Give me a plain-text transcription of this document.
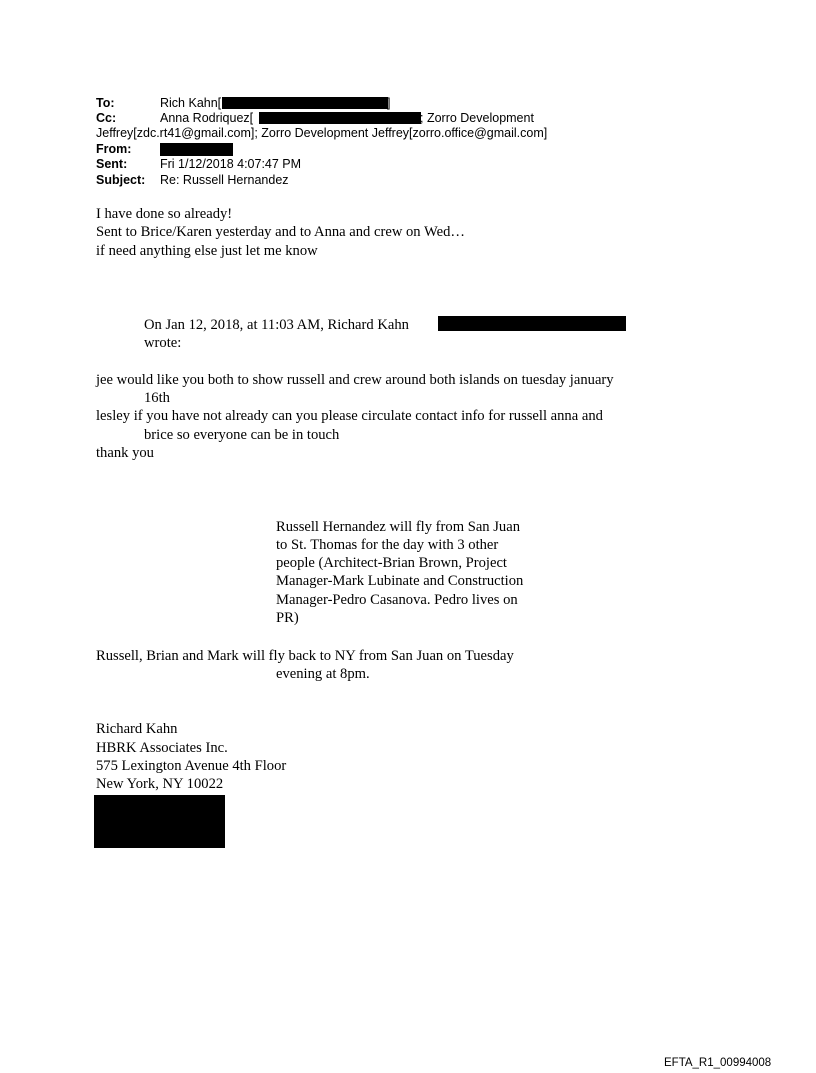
To:	Rich Kahn[	]
Cc:	Anna Rodriquez[	; Zorro Development
Jeffrey[zdc.rt41@gmail.com]; Zorro Development Jeffrey[zorro.office@gmail.com]
From:
Sent:	Fri 1/12/2018 4:07:47 PM
Subject: Re: Russell Hernandez
I have done so already!
Sent to Brice/Karen yesterday and to Anna and crew on Wed…
if need anything else just let me know
On Jan 12, 2018, at 11:03 AM, Richard Kahn
wrote:
jee would like you both to show russell and crew around both islands on tuesday january
16th
lesley if you have not already can you please circulate contact info for russell anna and
brice so everyone can be in touch
thank you
Russell Hernandez will fly from San Juan
to St. Thomas for the day with 3 other
people (Architect-Brian Brown, Project
Manager-Mark Lubinate and Construction
Manager-Pedro Casanova. Pedro lives on
PR)
Russell, Brian and Mark will fly back to NY from San Juan on Tuesday
evening at 8pm.
Richard Kahn
HBRK Associates Inc.
575 Lexington Avenue 4th Floor
New York, NY 10022
EFTA_R1_00994008
